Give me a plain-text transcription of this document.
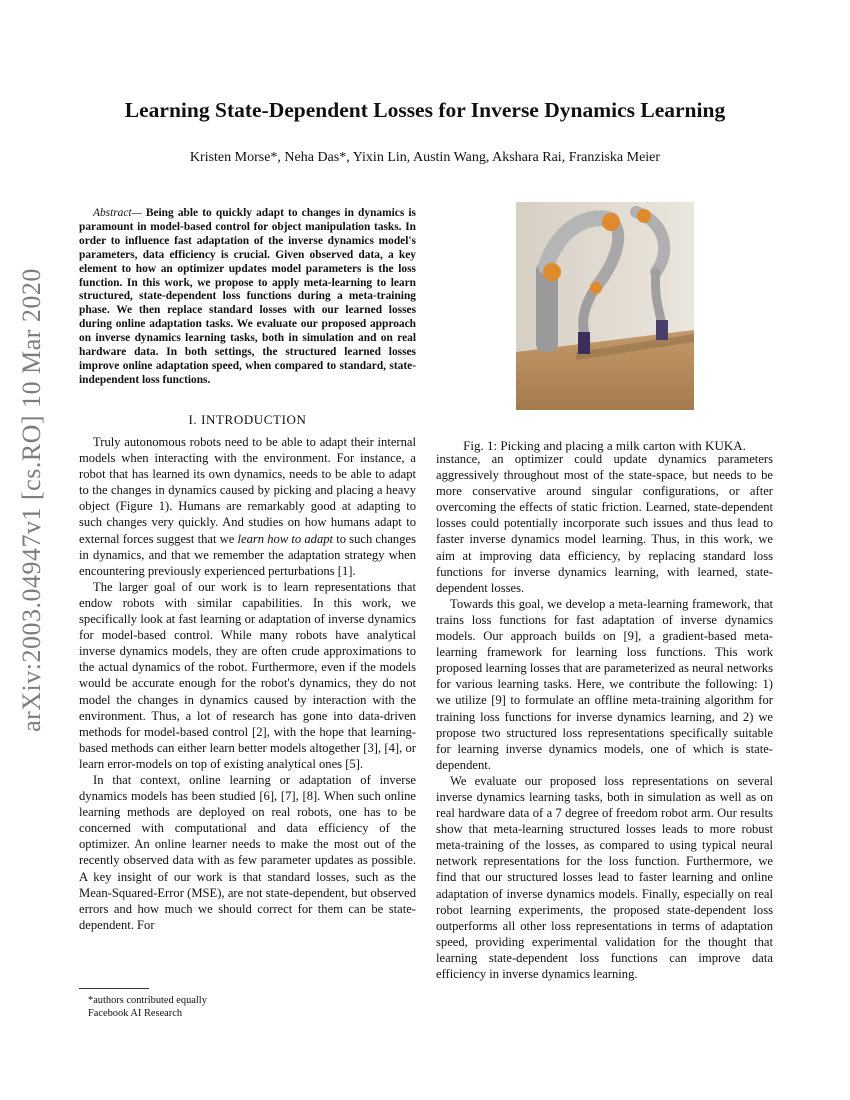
arXiv:2003.04947v1 [cs.RO] 10 Mar 2020
Learning State-Dependent Losses for Inverse Dynamics Learning
Kristen Morse*, Neha Das*, Yixin Lin, Austin Wang, Akshara Rai, Franziska Meier
Abstract— Being able to quickly adapt to changes in dynamics is paramount in model-based control for object manipulation tasks. In order to influence fast adaptation of the inverse dynamics model's parameters, data efficiency is crucial. Given observed data, a key element to how an optimizer updates model parameters is the loss function. In this work, we propose to apply meta-learning to learn structured, state-dependent loss functions during a meta-training phase. We then replace standard losses with our learned losses during online adaptation tasks. We evaluate our proposed approach on inverse dynamics learning tasks, both in simulation and on real hardware data. In both settings, the structured learned losses improve online adaptation speed, when compared to standard, state-independent loss functions.
I. INTRODUCTION

Truly autonomous robots need to be able to adapt their internal models when interacting with the environment. For instance, a robot that has learned its own dynamics, needs to be able to adapt to the changes in dynamics caused by picking and placing a heavy object (Figure 1). Humans are remarkably good at adapting to such changes very quickly. And studies on how humans adapt to external forces suggest that we learn how to adapt to such changes in dynamics, and that we remember the adaptation strategy when encountering previously experienced perturbations [1].

The larger goal of our work is to learn representations that endow robots with similar capabilities. In this work, we specifically look at fast learning or adaptation of inverse dynamics for model-based control. While many robots have analytical inverse dynamics models, they are often crude approximations to the actual dynamics of the robot. Furthermore, even if the models would be accurate enough for the robot's dynamics, they do not model the changes in dynamics caused by interaction with the environment. Thus, a lot of research has gone into data-driven methods for model-based control [2], with the hope that learning-based methods can either learn better models altogether [3], [4], or learn error-models on top of existing analytical ones [5].

In that context, online learning or adaptation of inverse dynamics models has been studied [6], [7], [8]. When such online learning methods are deployed on real robots, one has to be concerned with computational and data efficiency of the optimizer. An online learner needs to make the most out of the recently observed data with as few parameter updates as possible. A key insight of our work is that standard losses, such as the Mean-Squared-Error (MSE), are not state-dependent, but observed errors and how much we should correct for them can be state-dependent. For

Fig. 1: Picking and placing a milk carton with KUKA.

instance, an optimizer could update dynamics parameters aggressively throughout most of the state-space, but needs to be more conservative around singular configurations, or after overcoming the effects of static friction. Learned, state-dependent losses could potentially incorporate such issues and thus lead to faster inverse dynamics model learning. Thus, in this work, we aim at improving data efficiency, by replacing standard loss functions for inverse dynamics learning, with learned, state-dependent losses.

Towards this goal, we develop a meta-learning framework, that trains loss functions for fast adaptation of inverse dynamics models. Our approach builds on [9], a gradient-based meta-learning framework for learning loss functions. This work proposed learning losses that are parameterized as neural networks for various learning tasks. Here, we contribute the following: 1) we utilize [9] to formulate an offline meta-training algorithm for training loss functions for inverse dynamics learning, and 2) we propose two structured loss representations specifically suitable for learning inverse dynamics models, one of which is state-dependent.

We evaluate our proposed loss representations on several inverse dynamics learning tasks, both in simulation as well as on real hardware data of a 7 degree of freedom robot arm. Our results show that meta-learning structured losses leads to more robust meta-training of the losses, as compared to using typical neural network representations for the loss function. Furthermore, we find that our structured losses lead to faster learning and online adaptation of inverse dynamics models. Finally, especially on real robot learning experiments, the proposed state-dependent loss outperforms all other loss representations in terms of adaptation speed, providing experimental validation for the thought that learning state-dependent loss functions can improve data efficiency in inverse dynamics learning.

*authors contributed equally
Facebook AI Research
